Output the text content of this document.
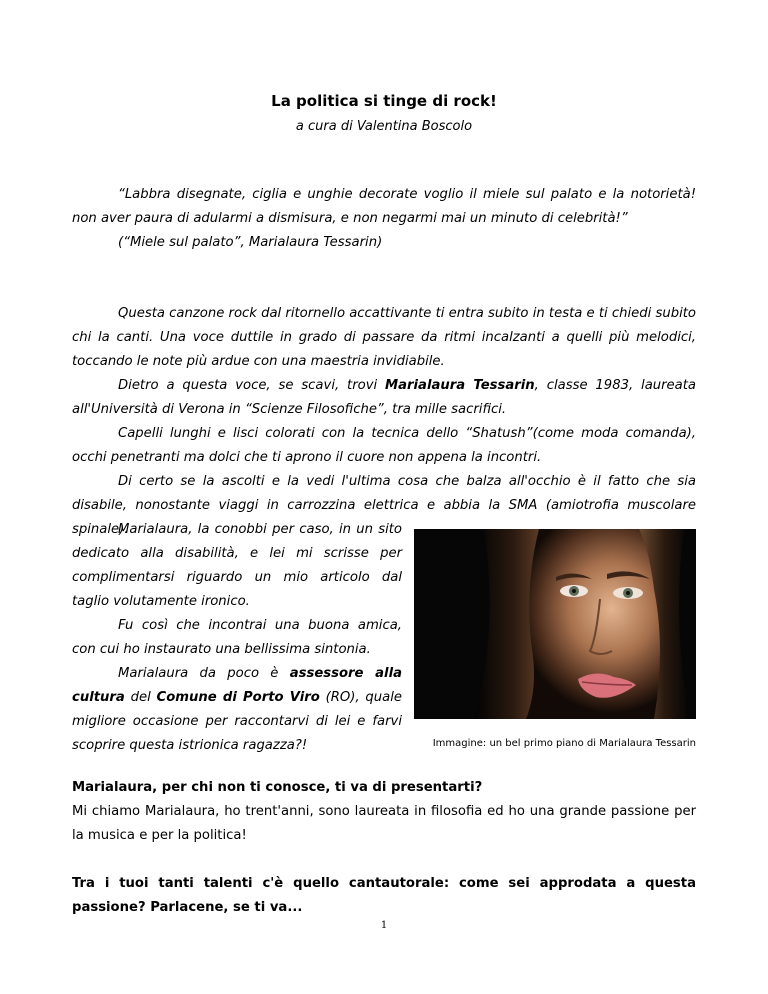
La politica si tinge di rock!
a cura di Valentina Boscolo
“Labbra disegnate, ciglia e unghie decorate voglio il miele sul palato e la notorietà! non aver paura di adularmi a dismisura, e non negarmi mai un minuto di celebrità!”
(“Miele sul palato”, Marialaura Tessarin)
Questa canzone rock dal ritornello accattivante ti entra subito in testa e ti chiedi subito chi la canti. Una voce duttile in grado di passare da ritmi incalzanti a quelli più melodici, toccando le note più ardue con una maestria invidiabile.
Dietro a questa voce, se scavi, trovi Marialaura Tessarin, classe 1983, laureata all'Università di Verona in “Scienze Filosofiche”, tra mille sacrifici.
Capelli lunghi e lisci colorati con la tecnica dello “Shatush”(come moda comanda), occhi penetranti ma dolci che ti aprono il cuore non appena la incontri.
Di certo se la ascolti e la vedi l'ultima cosa che balza all'occhio è il fatto che sia disabile, nonostante viaggi in carrozzina elettrica e abbia la SMA (amiotrofia muscolare spinale).
Marialaura, la conobbi per caso, in un sito dedicato alla disabilità, e lei mi scrisse per complimentarsi riguardo un mio articolo dal taglio volutamente ironico.
Fu così che incontrai una buona amica, con cui ho instaurato una bellissima sintonia.
Marialaura da poco è assessore alla cultura del Comune di Porto Viro (RO), quale migliore occasione per raccontarvi di lei e farvi scoprire questa istrionica ragazza?!	Immagine: un bel primo piano di Marialaura Tessarin
Marialaura, per chi non ti conosce, ti va di presentarti?
Mi chiamo Marialaura, ho trent'anni, sono laureata in filosofia ed ho una grande passione per la musica e per la politica!
Tra i tuoi tanti talenti c'è quello cantautorale: come sei approdata a questa passione? Parlacene, se ti va...
1
